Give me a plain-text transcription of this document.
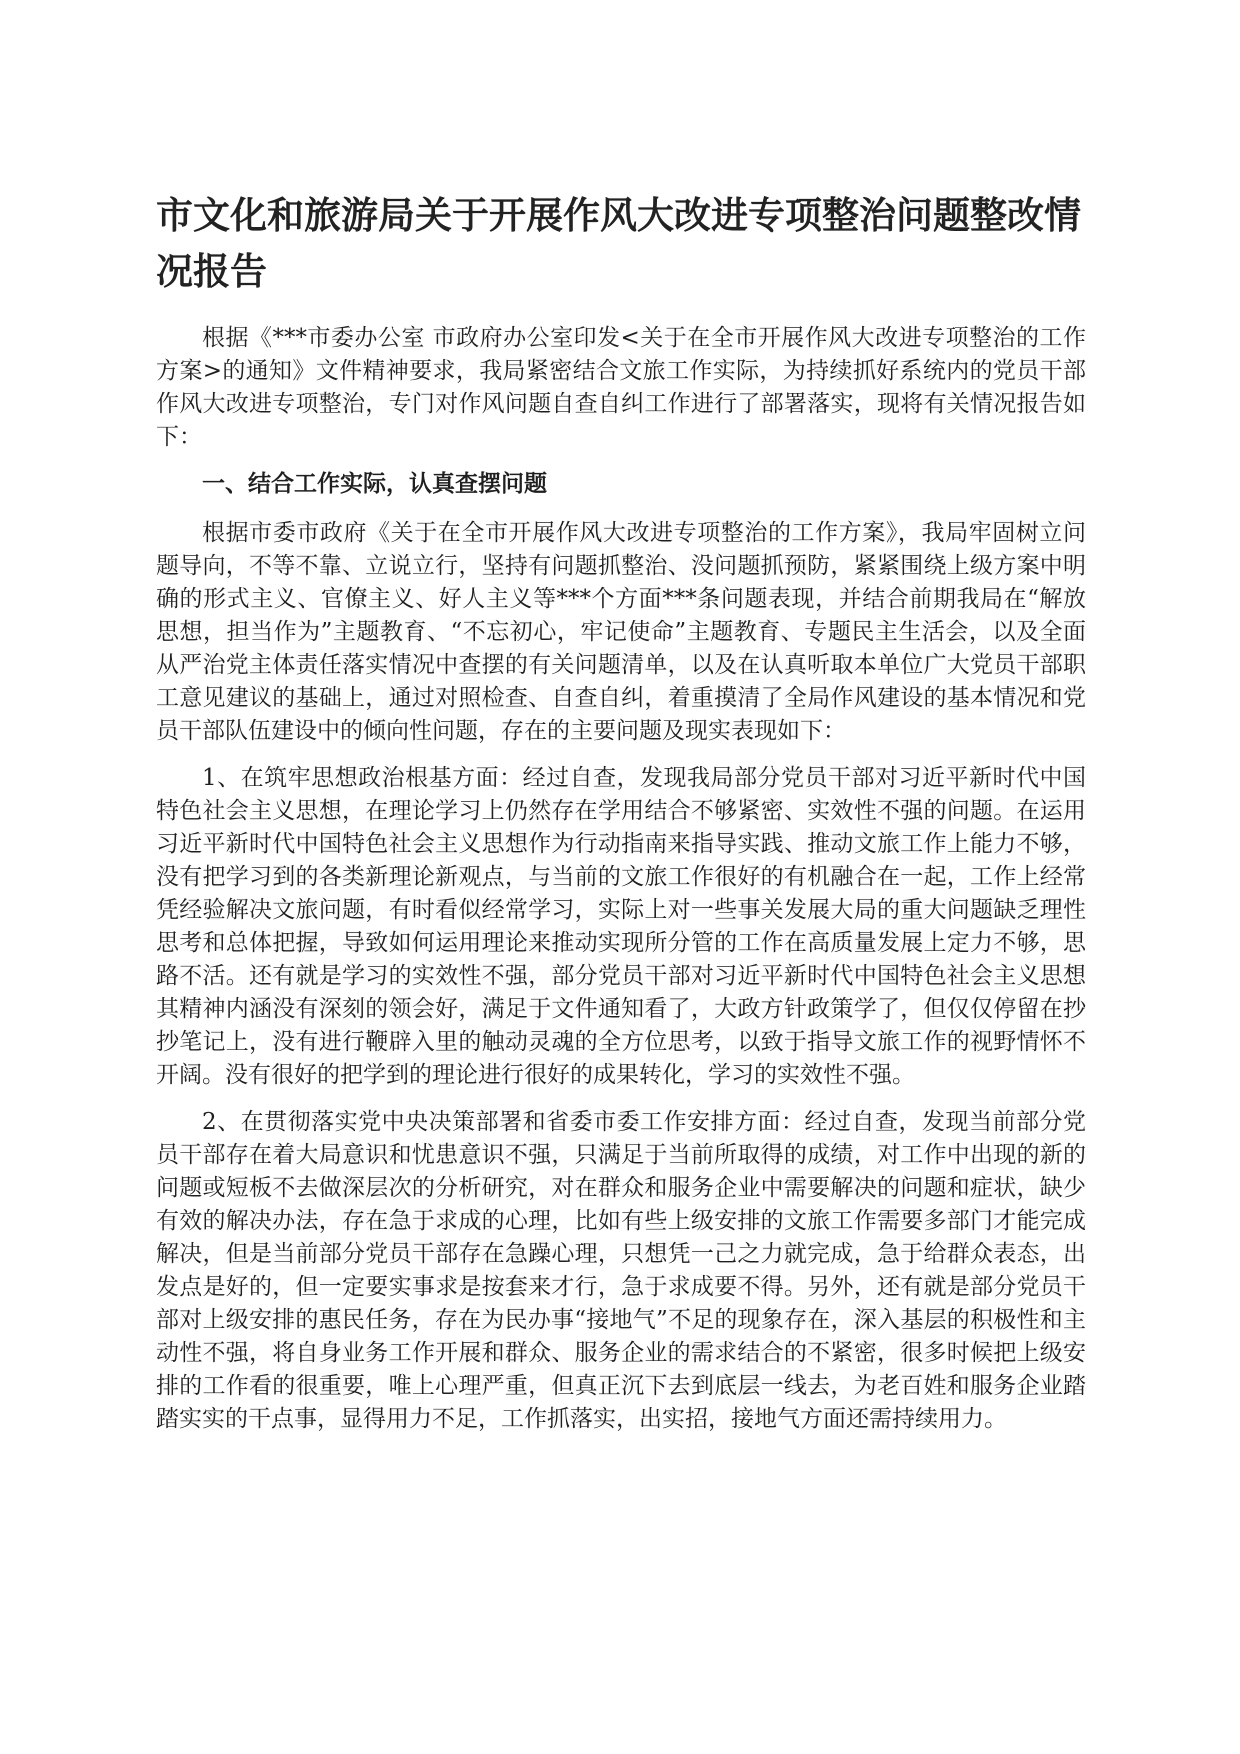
市文化和旅游局关于开展作风大改进专项整治问题整改情况报告

根据《***市委办公室 市政府办公室印发<关于在全市开展作风大改进专项整治的工作方案>的通知》文件精神要求，我局紧密结合文旅工作实际，为持续抓好系统内的党员干部作风大改进专项整治，专门对作风问题自查自纠工作进行了部署落实，现将有关情况报告如下：

一、结合工作实际，认真查摆问题

根据市委市政府《关于在全市开展作风大改进专项整治的工作方案》，我局牢固树立问题导向，不等不靠、立说立行，坚持有问题抓整治、没问题抓预防，紧紧围绕上级方案中明确的形式主义、官僚主义、好人主义等***个方面***条问题表现，并结合前期我局在“解放思想，担当作为”主题教育、“不忘初心，牢记使命”主题教育、专题民主生活会，以及全面从严治党主体责任落实情况中查摆的有关问题清单，以及在认真听取本单位广大党员干部职工意见建议的基础上，通过对照检查、自查自纠，着重摸清了全局作风建设的基本情况和党员干部队伍建设中的倾向性问题，存在的主要问题及现实表现如下：

1、在筑牢思想政治根基方面：经过自查，发现我局部分党员干部对习近平新时代中国特色社会主义思想，在理论学习上仍然存在学用结合不够紧密、实效性不强的问题。在运用习近平新时代中国特色社会主义思想作为行动指南来指导实践、推动文旅工作上能力不够，没有把学习到的各类新理论新观点，与当前的文旅工作很好的有机融合在一起，工作上经常凭经验解决文旅问题，有时看似经常学习，实际上对一些事关发展大局的重大问题缺乏理性思考和总体把握，导致如何运用理论来推动实现所分管的工作在高质量发展上定力不够，思路不活。还有就是学习的实效性不强，部分党员干部对习近平新时代中国特色社会主义思想其精神内涵没有深刻的领会好，满足于文件通知看了，大政方针政策学了，但仅仅停留在抄抄笔记上，没有进行鞭辟入里的触动灵魂的全方位思考，以致于指导文旅工作的视野情怀不开阔。没有很好的把学到的理论进行很好的成果转化，学习的实效性不强。

2、在贯彻落实党中央决策部署和省委市委工作安排方面：经过自查，发现当前部分党员干部存在着大局意识和忧患意识不强，只满足于当前所取得的成绩，对工作中出现的新的问题或短板不去做深层次的分析研究，对在群众和服务企业中需要解决的问题和症状，缺少有效的解决办法，存在急于求成的心理，比如有些上级安排的文旅工作需要多部门才能完成解决，但是当前部分党员干部存在急躁心理，只想凭一己之力就完成，急于给群众表态，出发点是好的，但一定要实事求是按套来才行，急于求成要不得。另外，还有就是部分党员干部对上级安排的惠民任务，存在为民办事“接地气”不足的现象存在，深入基层的积极性和主动性不强，将自身业务工作开展和群众、服务企业的需求结合的不紧密，很多时候把上级安排的工作看的很重要，唯上心理严重，但真正沉下去到底层一线去，为老百姓和服务企业踏踏实实的干点事，显得用力不足，工作抓落实，出实招，接地气方面还需持续用力。
